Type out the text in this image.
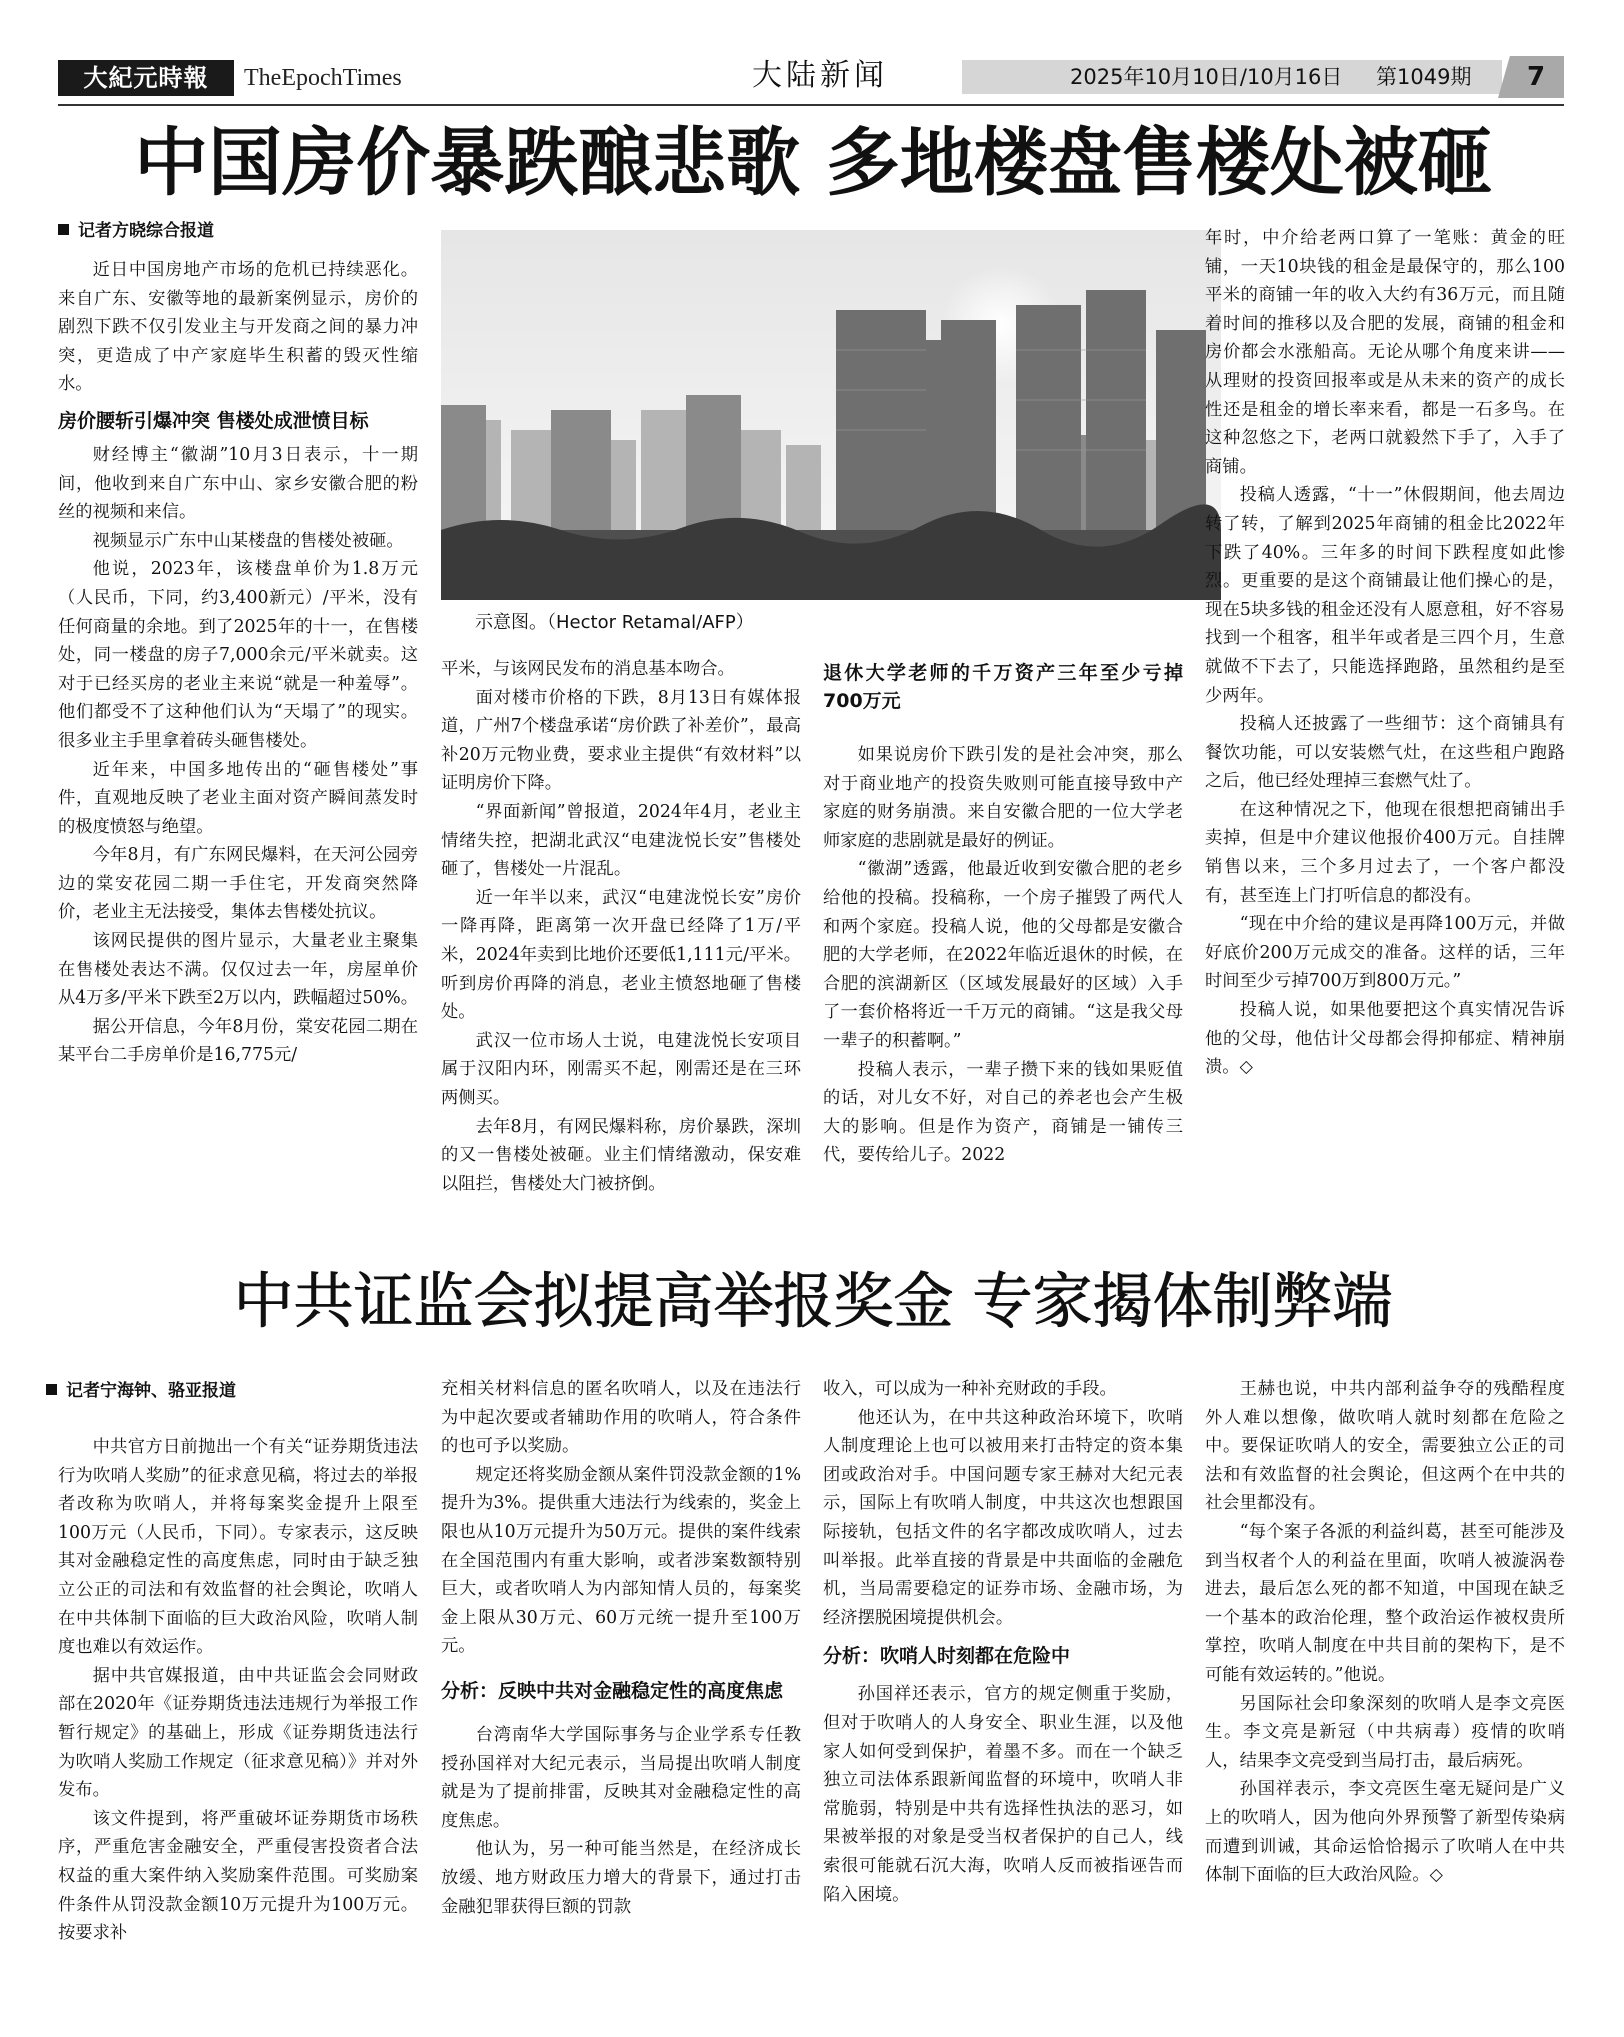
大紀元時報	TheEpochTimes	大陆新闻	2025年10月10日/10月16日 第1049期	7
中国房价暴跌酿悲歌 多地楼盘售楼处被砸
记者方晓综合报道

近日中国房地产市场的危机已持续恶化。来自广东、安徽等地的最新案例显示，房价的剧烈下跌不仅引发业主与开发商之间的暴力冲突，更造成了中产家庭毕生积蓄的毁灭性缩水。

房价腰斩引爆冲突 售楼处成泄愤目标

财经博主“徽湖”10月3日表示，十一期间，他收到来自广东中山、家乡安徽合肥的粉丝的视频和来信。

视频显示广东中山某楼盘的售楼处被砸。

他说，2023年，该楼盘单价为1.8万元（人民币，下同，约3,400新元）/平米，没有任何商量的余地。到了2025年的十一，在售楼处，同一楼盘的房子7,000余元/平米就卖。这对于已经买房的老业主来说“就是一种羞辱”。他们都受不了这种他们认为“天塌了”的现实。很多业主手里拿着砖头砸售楼处。

近年来，中国多地传出的“砸售楼处”事件，直观地反映了老业主面对资产瞬间蒸发时的极度愤怒与绝望。

今年8月，有广东网民爆料，在天河公园旁边的棠安花园二期一手住宅，开发商突然降价，老业主无法接受，集体去售楼处抗议。

该网民提供的图片显示，大量老业主聚集在售楼处表达不满。仅仅过去一年，房屋单价从4万多/平米下跌至2万以内，跌幅超过50%。

据公开信息，今年8月份，棠安花园二期在某平台二手房单价是16,775元/

示意图。（Hector Retamal/AFP）

平米，与该网民发布的消息基本吻合。

面对楼市价格的下跌，8月13日有媒体报道，广州7个楼盘承诺“房价跌了补差价”，最高补20万元物业费，要求业主提供“有效材料”以证明房价下降。

“界面新闻”曾报道，2024年4月，老业主情绪失控，把湖北武汉“电建泷悦长安”售楼处砸了，售楼处一片混乱。

近一年半以来，武汉“电建泷悦长安”房价一降再降，距离第一次开盘已经降了1万/平米，2024年卖到比地价还要低1,111元/平米。听到房价再降的消息，老业主愤怒地砸了售楼处。

武汉一位市场人士说，电建泷悦长安项目属于汉阳内环，刚需买不起，刚需还是在三环两侧买。

去年8月，有网民爆料称，房价暴跌，深圳的又一售楼处被砸。业主们情绪激动，保安难以阻拦，售楼处大门被挤倒。

退休大学老师的千万资产三年至少亏掉700万元

如果说房价下跌引发的是社会冲突，那么对于商业地产的投资失败则可能直接导致中产家庭的财务崩溃。来自安徽合肥的一位大学老师家庭的悲剧就是最好的例证。

“徽湖”透露，他最近收到安徽合肥的老乡给他的投稿。投稿称，一个房子摧毁了两代人和两个家庭。投稿人说，他的父母都是安徽合肥的大学老师，在2022年临近退休的时候，在合肥的滨湖新区（区域发展最好的区域）入手了一套价格将近一千万元的商铺。“这是我父母一辈子的积蓄啊。”

投稿人表示，一辈子攒下来的钱如果贬值的话，对儿女不好，对自己的养老也会产生极大的影响。但是作为资产，商铺是一铺传三代，要传给儿子。2022

年时，中介给老两口算了一笔账：黄金的旺铺，一天10块钱的租金是最保守的，那么100平米的商铺一年的收入大约有36万元，而且随着时间的推移以及合肥的发展，商铺的租金和房价都会水涨船高。无论从哪个角度来讲——从理财的投资回报率或是从未来的资产的成长性还是租金的增长率来看，都是一石多鸟。在这种忽悠之下，老两口就毅然下手了，入手了商铺。

投稿人透露，“十一”休假期间，他去周边转了转，了解到2025年商铺的租金比2022年下跌了40%。三年多的时间下跌程度如此惨烈。更重要的是这个商铺最让他们操心的是，现在5块多钱的租金还没有人愿意租，好不容易找到一个租客，租半年或者是三四个月，生意就做不下去了，只能选择跑路，虽然租约是至少两年。

投稿人还披露了一些细节：这个商铺具有餐饮功能，可以安装燃气灶，在这些租户跑路之后，他已经处理掉三套燃气灶了。

在这种情况之下，他现在很想把商铺出手卖掉，但是中介建议他报价400万元。自挂牌销售以来，三个多月过去了，一个客户都没有，甚至连上门打听信息的都没有。

“现在中介给的建议是再降100万元，并做好底价200万元成交的准备。这样的话，三年时间至少亏掉700万到800万元。”

投稿人说，如果他要把这个真实情况告诉他的父母，他估计父母都会得抑郁症、精神崩溃。◇

中共证监会拟提高举报奖金 专家揭体制弊端
记者宁海钟、骆亚报道

中共官方日前抛出一个有关“证券期货违法行为吹哨人奖励”的征求意见稿，将过去的举报者改称为吹哨人，并将每案奖金提升上限至100万元（人民币，下同）。专家表示，这反映其对金融稳定性的高度焦虑，同时由于缺乏独立公正的司法和有效监督的社会舆论，吹哨人在中共体制下面临的巨大政治风险，吹哨人制度也难以有效运作。

据中共官媒报道，由中共证监会会同财政部在2020年《证券期货违法违规行为举报工作暂行规定》的基础上，形成《证券期货违法行为吹哨人奖励工作规定（征求意见稿）》并对外发布。

该文件提到，将严重破坏证券期货市场秩序，严重危害金融安全，严重侵害投资者合法权益的重大案件纳入奖励案件范围。可奖励案件条件从罚没款金额10万元提升为100万元。按要求补

充相关材料信息的匿名吹哨人，以及在违法行为中起次要或者辅助作用的吹哨人，符合条件的也可予以奖励。

规定还将奖励金额从案件罚没款金额的1%提升为3%。提供重大违法行为线索的，奖金上限也从10万元提升为50万元。提供的案件线索在全国范围内有重大影响，或者涉案数额特别巨大，或者吹哨人为内部知情人员的，每案奖金上限从30万元、60万元统一提升至100万元。

分析：反映中共对金融稳定性的高度焦虑

台湾南华大学国际事务与企业学系专任教授孙国祥对大纪元表示，当局提出吹哨人制度就是为了提前排雷，反映其对金融稳定性的高度焦虑。

他认为，另一种可能当然是，在经济成长放缓、地方财政压力增大的背景下，通过打击金融犯罪获得巨额的罚款

收入，可以成为一种补充财政的手段。

他还认为，在中共这种政治环境下，吹哨人制度理论上也可以被用来打击特定的资本集团或政治对手。中国问题专家王赫对大纪元表示，国际上有吹哨人制度，中共这次也想跟国际接轨，包括文件的名字都改成吹哨人，过去叫举报。此举直接的背景是中共面临的金融危机，当局需要稳定的证券市场、金融市场，为经济摆脱困境提供机会。

分析：吹哨人时刻都在危险中

孙国祥还表示，官方的规定侧重于奖励，但对于吹哨人的人身安全、职业生涯，以及他家人如何受到保护，着墨不多。而在一个缺乏独立司法体系跟新闻监督的环境中，吹哨人非常脆弱，特别是中共有选择性执法的恶习，如果被举报的对象是受当权者保护的自己人，线索很可能就石沉大海，吹哨人反而被指诬告而陷入困境。

王赫也说，中共内部利益争夺的残酷程度外人难以想像，做吹哨人就时刻都在危险之中。要保证吹哨人的安全，需要独立公正的司法和有效监督的社会舆论，但这两个在中共的社会里都没有。

“每个案子各派的利益纠葛，甚至可能涉及到当权者个人的利益在里面，吹哨人被漩涡卷进去，最后怎么死的都不知道，中国现在缺乏一个基本的政治伦理，整个政治运作被权贵所掌控，吹哨人制度在中共目前的架构下，是不可能有效运转的。”他说。

另国际社会印象深刻的吹哨人是李文亮医生。李文亮是新冠（中共病毒）疫情的吹哨人，结果李文亮受到当局打击，最后病死。

孙国祥表示，李文亮医生毫无疑问是广义上的吹哨人，因为他向外界预警了新型传染病而遭到训诫，其命运恰恰揭示了吹哨人在中共体制下面临的巨大政治风险。◇
